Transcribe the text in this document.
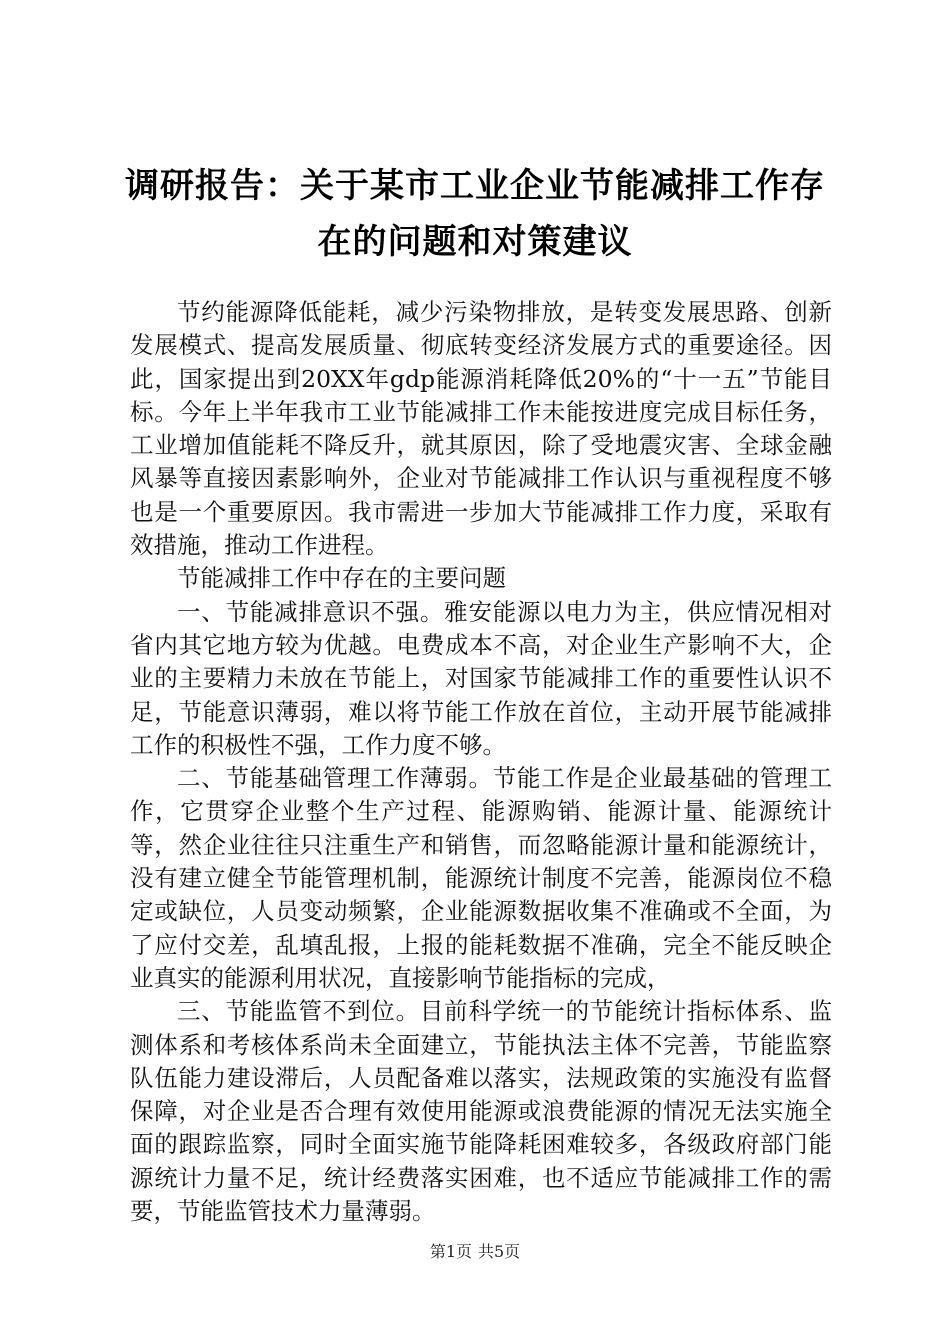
调研报告：关于某市工业企业节能减排工作存在的问题和对策建议

节约能源降低能耗，减少污染物排放，是转变发展思路、创新发展模式、提高发展质量、彻底转变经济发展方式的重要途径。因此，国家提出到20XX年gdp能源消耗降低20%的“十一五”节能目标。今年上半年我市工业节能减排工作未能按进度完成目标任务，工业增加值能耗不降反升，就其原因，除了受地震灾害、全球金融风暴等直接因素影响外，企业对节能减排工作认识与重视程度不够也是一个重要原因。我市需进一步加大节能减排工作力度，采取有效措施，推动工作进程。

节能减排工作中存在的主要问题

一、节能减排意识不强。雅安能源以电力为主，供应情况相对省内其它地方较为优越。电费成本不高，对企业生产影响不大，企业的主要精力未放在节能上，对国家节能减排工作的重要性认识不足，节能意识薄弱，难以将节能工作放在首位，主动开展节能减排工作的积极性不强，工作力度不够。

二、节能基础管理工作薄弱。节能工作是企业最基础的管理工作，它贯穿企业整个生产过程、能源购销、能源计量、能源统计等，然企业往往只注重生产和销售，而忽略能源计量和能源统计，没有建立健全节能管理机制，能源统计制度不完善，能源岗位不稳定或缺位，人员变动频繁，企业能源数据收集不准确或不全面，为了应付交差，乱填乱报，上报的能耗数据不准确，完全不能反映企业真实的能源利用状况，直接影响节能指标的完成，

三、节能监管不到位。目前科学统一的节能统计指标体系、监测体系和考核体系尚未全面建立，节能执法主体不完善，节能监察队伍能力建设滞后，人员配备难以落实，法规政策的实施没有监督保障，对企业是否合理有效使用能源或浪费能源的情况无法实施全面的跟踪监察，同时全面实施节能降耗困难较多，各级政府部门能源统计力量不足，统计经费落实困难，也不适应节能减排工作的需要，节能监管技术力量薄弱。

第1页 共5页
